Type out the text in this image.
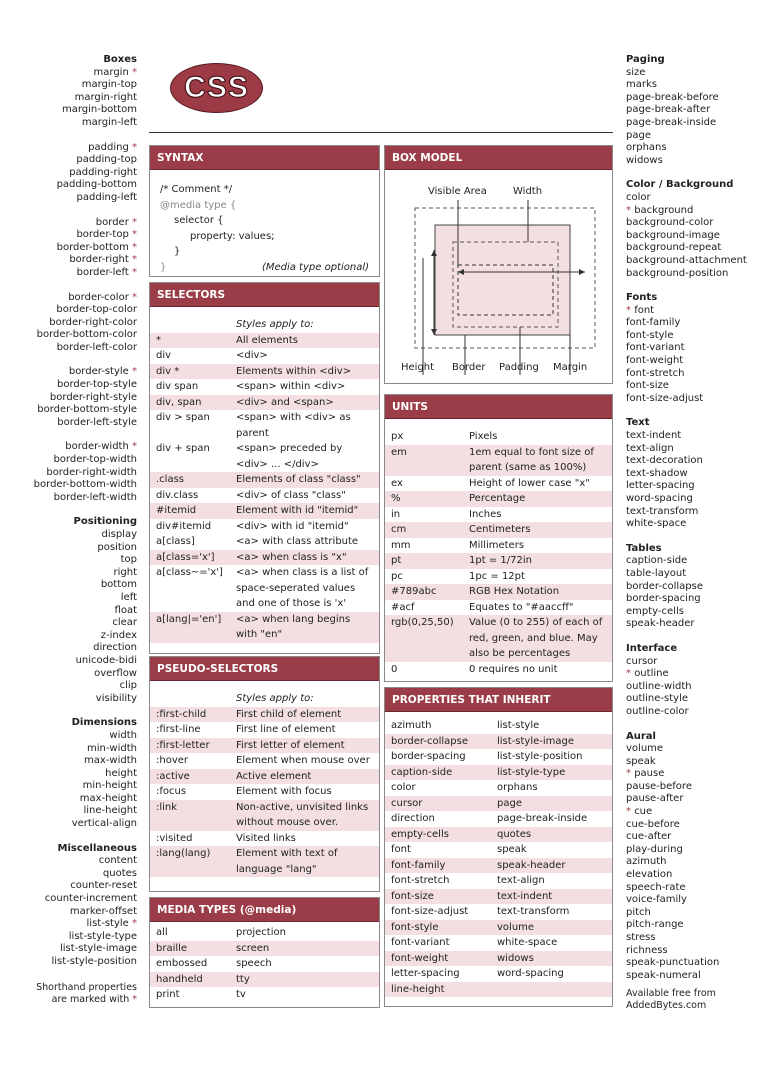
Boxes
margin *
margin-top
margin-right
margin-bottom
margin-left
padding *
padding-top
padding-right
padding-bottom
padding-left
border *
border-top *
border-bottom *
border-right *
border-left *
border-color *
border-top-color
border-right-color
border-bottom-color
border-left-color
border-style *
border-top-style
border-right-style
border-bottom-style
border-left-style
border-width *
border-top-width
border-right-width
border-bottom-width
border-left-width
Positioning
display
position
top
right
bottom
left
float
clear
z-index
direction
unicode-bidi
overflow
clip
visibility
Dimensions
width
min-width
max-width
height
min-height
max-height
line-height
vertical-align
Miscellaneous
content
quotes
counter-reset
counter-increment
marker-offset
list-style *
list-style-type
list-style-image
list-style-position
Shorthand properties
are marked with *
Paging
size
marks
page-break-before
page-break-after
page-break-inside
page
orphans
widows
Color / Background
color
* background
background-color
background-image
background-repeat
background-attachment
background-position
Fonts
* font
font-family
font-style
font-variant
font-weight
font-stretch
font-size
font-size-adjust
Text
text-indent
text-align
text-decoration
text-shadow
letter-spacing
word-spacing
text-transform
white-space
Tables
caption-side
table-layout
border-collapse
border-spacing
empty-cells
speak-header
Interface
cursor
* outline
outline-width
outline-style
outline-color
Aural
volume
speak
* pause
pause-before
pause-after
* cue
cue-before
cue-after
play-during
azimuth
elevation
speech-rate
voice-family
pitch
pitch-range
stress
richness
speak-punctuation
speak-numeral
Available free from
AddedBytes.com
CSS
SYNTAX
/* Comment */
@media type {
selector {
property: values;
}
}	(Media type optional)
SELECTORS
Styles apply to:
*	All elements
div	<div>
div *	Elements within <div>
div span	<span> within <div>
div, span	<div> and <span>
div > span	<span> with <div> as parent
div + span	<span> preceded by <div> ... </div>
.class	Elements of class "class"
div.class	<div> of class "class"
#itemid	Element with id "itemid"
div#itemid	<div> with id "itemid"
a[class]	<a> with class attribute
a[class='x']	<a> when class is "x"
a[class~='x']	<a> when class is a list of space-seperated values and one of those is 'x'
a[lang|='en']	<a> when lang begins with "en"
PSEUDO-SELECTORS
Styles apply to:
:first-child	First child of element
:first-line	First line of element
:first-letter	First letter of element
:hover	Element when mouse over
:active	Active element
:focus	Element with focus
:link	Non-active, unvisited links without mouse over.
:visited	Visited links
:lang(lang)	Element with text of language "lang"
MEDIA TYPES (@media)
all	projection
braille	screen
embossed	speech
handheld	tty
print	tv
BOX MODEL
Visible Area	Width
Height Border Padding Margin
UNITS
px	Pixels
em	1em equal to font size of parent (same as 100%)
ex	Height of lower case "x"
%	Percentage
in	Inches
cm	Centimeters
mm	Millimeters
pt	1pt = 1/72in
pc	1pc = 12pt
#789abc	RGB Hex Notation
#acf	Equates to "#aaccff"
rgb(0,25,50)	Value (0 to 255) of each of red, green, and blue. May also be percentages
0	0 requires no unit
PROPERTIES THAT INHERIT
azimuth	list-style
border-collapse	list-style-image
border-spacing	list-style-position
caption-side	list-style-type
color	orphans
cursor	page
direction	page-break-inside
empty-cells	quotes
font	speak
font-family	speak-header
font-stretch	text-align
font-size	text-indent
font-size-adjust	text-transform
font-style	volume
font-variant	white-space
font-weight	widows
letter-spacing	word-spacing
line-height
